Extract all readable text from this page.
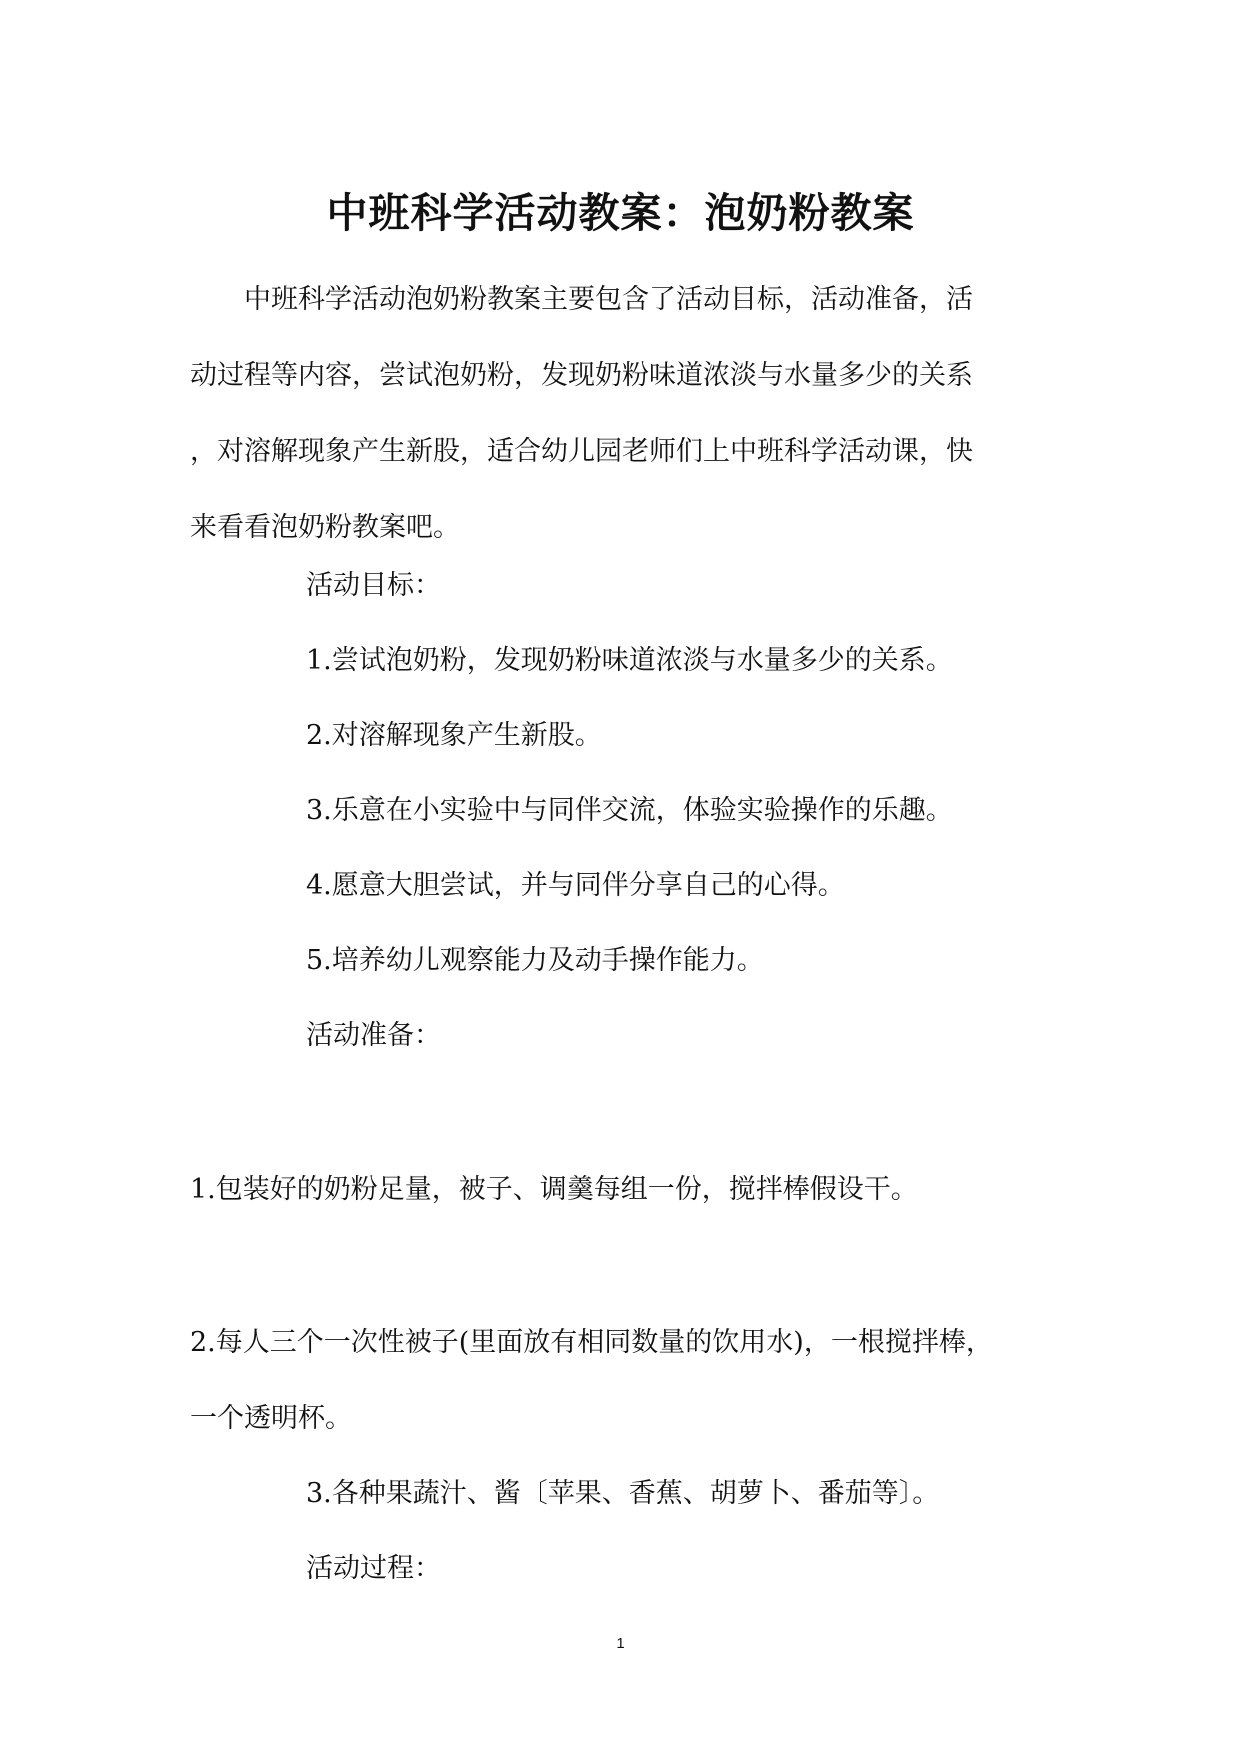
中班科学活动教案：泡奶粉教案

中班科学活动泡奶粉教案主要包含了活动目标，活动准备，活
动过程等内容，尝试泡奶粉，发现奶粉味道浓淡与水量多少的关系
，对溶解现象产生新股，适合幼儿园老师们上中班科学活动课，快
来看看泡奶粉教案吧。

活动目标：

1.尝试泡奶粉，发现奶粉味道浓淡与水量多少的关系。

2.对溶解现象产生新股。

3.乐意在小实验中与同伴交流，体验实验操作的乐趣。

4.愿意大胆尝试，并与同伴分享自己的心得。

5.培养幼儿观察能力及动手操作能力。

活动准备：

1.包装好的奶粉足量，被子、调羹每组一份，搅拌棒假设干。

2.每人三个一次性被子(里面放有相同数量的饮用水)，一根搅拌棒，

一个透明杯。

3.各种果蔬汁、酱〔苹果、香蕉、胡萝卜、番茄等〕。

活动过程：

1
